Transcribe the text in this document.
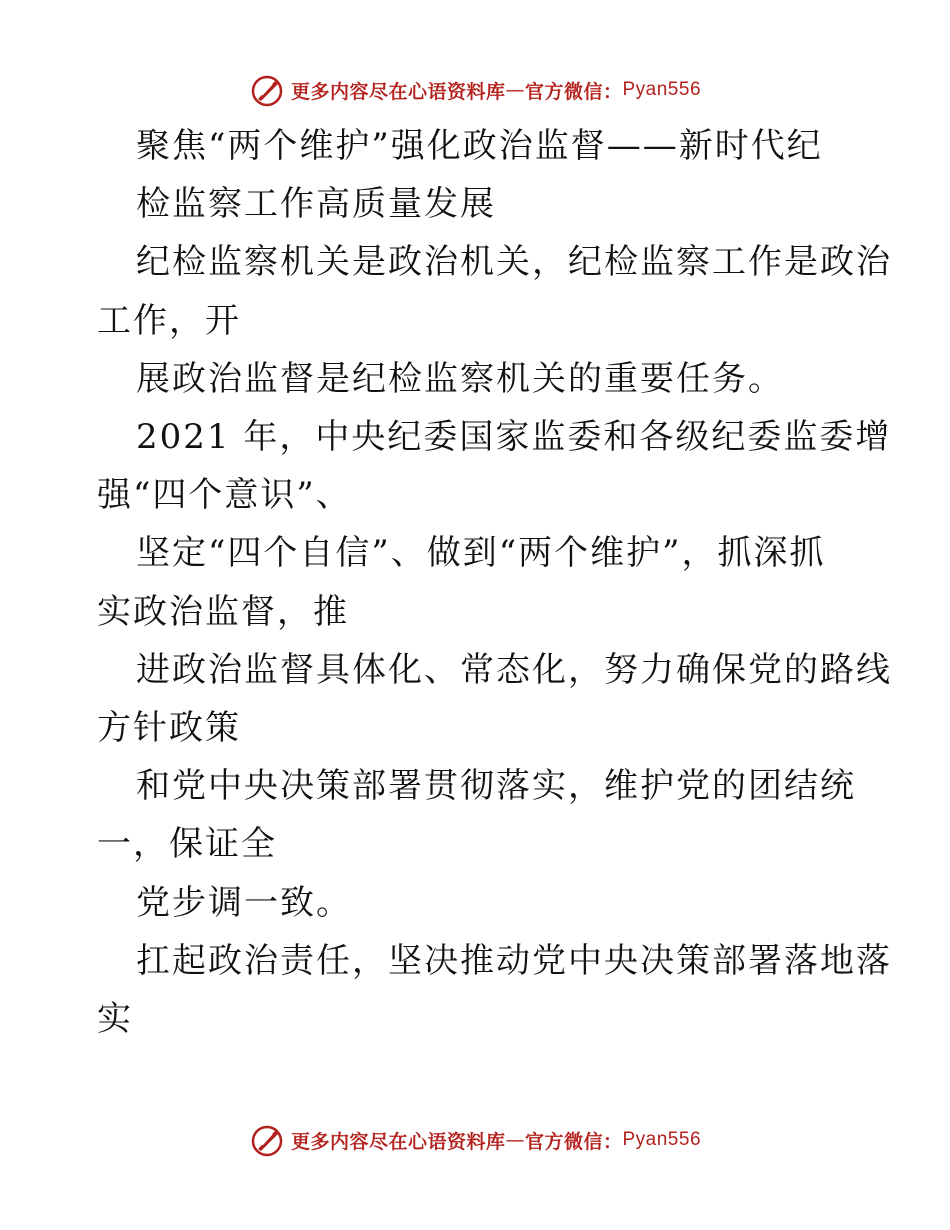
更多内容尽在心语资料库 — 官方微信： Pyan556
聚焦“两个维护”强化政治监督——新时代纪
检监察工作高质量发展
纪检监察机关是政治机关，纪检监察工作是政治
工作，开
展政治监督是纪检监察机关的重要任务。
2021 年，中央纪委国家监委和各级纪委监委增
强“四个意识”、
坚定“四个自信”、做到“两个维护”，抓深抓
实政治监督，推
进政治监督具体化、常态化，努力确保党的路线
方针政策
和党中央决策部署贯彻落实，维护党的团结统
一，保证全
党步调一致。
扛起政治责任，坚决推动党中央决策部署落地落
实
更多内容尽在心语资料库 — 官方微信： Pyan556
